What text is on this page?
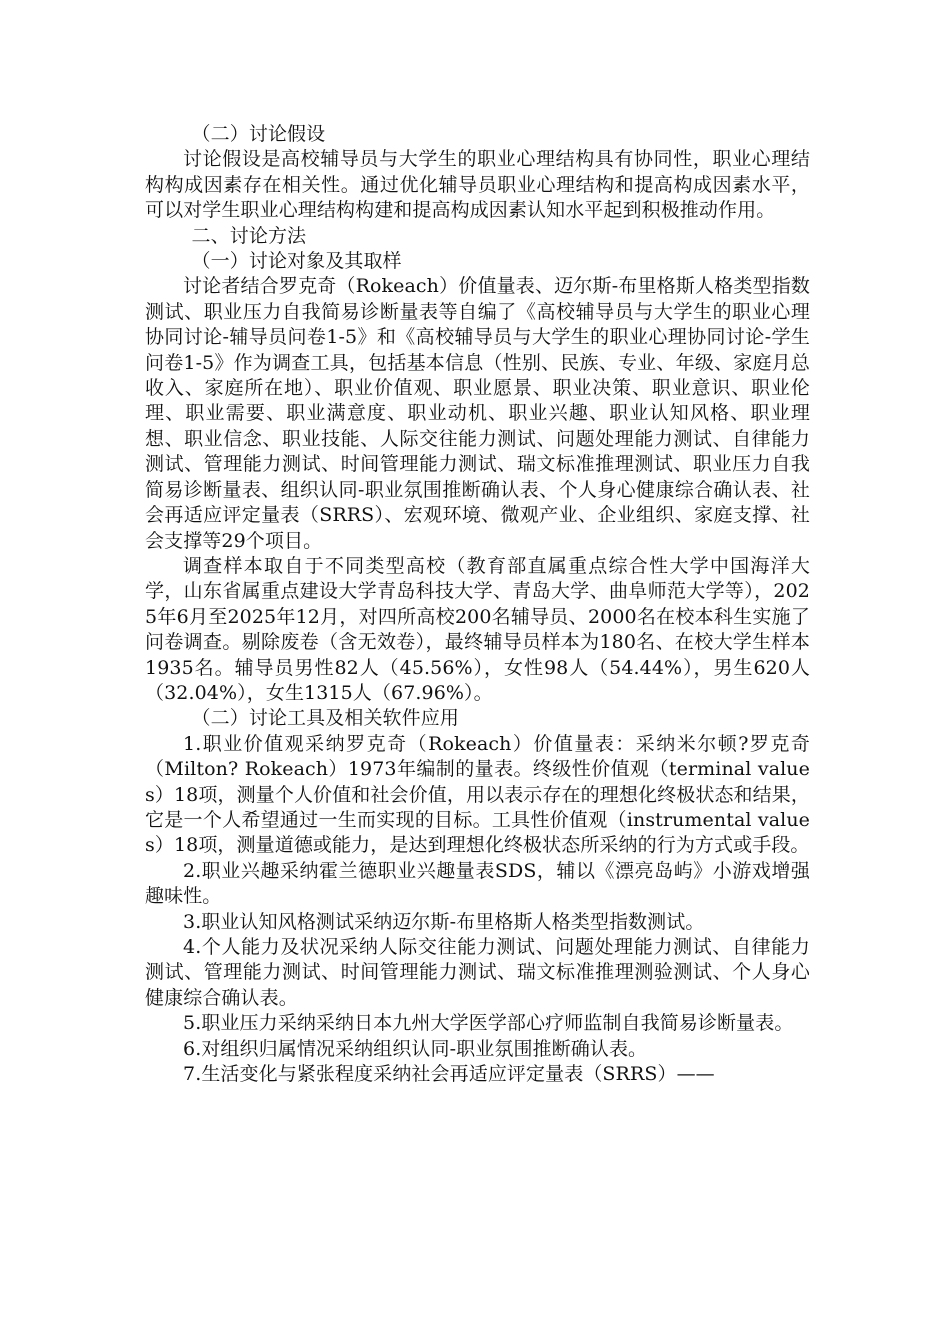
（二）讨论假设

讨论假设是高校辅导员与大学生的职业心理结构具有协同性，职业心理结构构成因素存在相关性。通过优化辅导员职业心理结构和提高构成因素水平，可以对学生职业心理结构构建和提高构成因素认知水平起到积极推动作用。

二、讨论方法

（一）讨论对象及其取样

讨论者结合罗克奇（Rokeach）价值量表、迈尔斯-布里格斯人格类型指数测试、职业压力自我简易诊断量表等自编了《高校辅导员与大学生的职业心理协同讨论-辅导员问卷1-5》和《高校辅导员与大学生的职业心理协同讨论-学生问卷1-5》作为调查工具，包括基本信息（性别、民族、专业、年级、家庭月总收入、家庭所在地）、职业价值观、职业愿景、职业决策、职业意识、职业伦理、职业需要、职业满意度、职业动机、职业兴趣、职业认知风格、职业理想、职业信念、职业技能、人际交往能力测试、问题处理能力测试、自律能力测试、管理能力测试、时间管理能力测试、瑞文标准推理测试、职业压力自我简易诊断量表、组织认同-职业氛围推断确认表、个人身心健康综合确认表、社会再适应评定量表（SRRS）、宏观环境、微观产业、企业组织、家庭支撑、社会支撑等29个项目。

调查样本取自于不同类型高校（教育部直属重点综合性大学中国海洋大学，山东省属重点建设大学青岛科技大学、青岛大学、曲阜师范大学等），2025年6月至2025年12月，对四所高校200名辅导员、2000名在校本科生实施了问卷调查。剔除废卷（含无效卷），最终辅导员样本为180名、在校大学生样本1935名。辅导员男性82人（45.56%），女性98人（54.44%），男生620人（32.04%），女生1315人（67.96%）。

（二）讨论工具及相关软件应用

1.职业价值观采纳罗克奇（Rokeach）价值量表：采纳米尔顿?罗克奇（Milton? Rokeach）1973年编制的量表。终级性价值观（terminal values）18项，测量个人价值和社会价值，用以表示存在的理想化终极状态和结果，它是一个人希望通过一生而实现的目标。工具性价值观（instrumental values）18项，测量道德或能力，是达到理想化终极状态所采纳的行为方式或手段。

2.职业兴趣采纳霍兰德职业兴趣量表SDS，辅以《漂亮岛屿》小游戏增强趣味性。

3.职业认知风格测试采纳迈尔斯-布里格斯人格类型指数测试。

4.个人能力及状况采纳人际交往能力测试、问题处理能力测试、自律能力测试、管理能力测试、时间管理能力测试、瑞文标准推理测验测试、个人身心健康综合确认表。

5.职业压力采纳采纳日本九州大学医学部心疗师监制自我简易诊断量表。

6.对组织归属情况采纳组织认同-职业氛围推断确认表。

7.生活变化与紧张程度采纳社会再适应评定量表（SRRS）——
